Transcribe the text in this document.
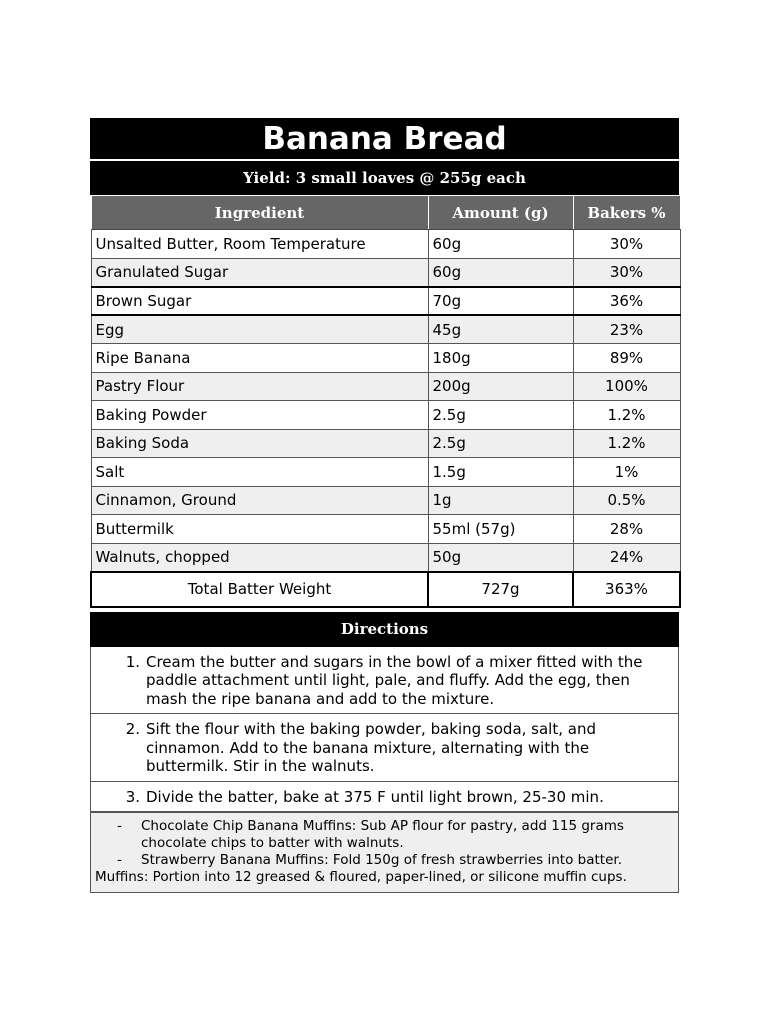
Banana Bread
Yield: 3 small loaves @ 255g each
Ingredient	Amount (g)	Bakers %
Unsalted Butter, Room Temperature	60g	30%
Granulated Sugar	60g	30%
Brown Sugar	70g	36%
Egg	45g	23%
Ripe Banana	180g	89%
Pastry Flour	200g	100%
Baking Powder	2.5g	1.2%
Baking Soda	2.5g	1.2%
Salt	1.5g	1%
Cinnamon, Ground	1g	0.5%
Buttermilk	55ml (57g)	28%
Walnuts, chopped	50g	24%
Total Batter Weight	727g	363%
Directions
1. Cream the butter and sugars in the bowl of a mixer fitted with the paddle attachment until light, pale, and fluffy. Add the egg, then mash the ripe banana and add to the mixture.
2. Sift the flour with the baking powder, baking soda, salt, and cinnamon. Add to the banana mixture, alternating with the buttermilk. Stir in the walnuts.
3. Divide the batter, bake at 375 F until light brown, 25-30 min.
-	Chocolate Chip Banana Muffins: Sub AP flour for pastry, add 115 grams chocolate chips to batter with walnuts.
-	Strawberry Banana Muffins: Fold 150g of fresh strawberries into batter.
Muffins: Portion into 12 greased & floured, paper-lined, or silicone muffin cups.
